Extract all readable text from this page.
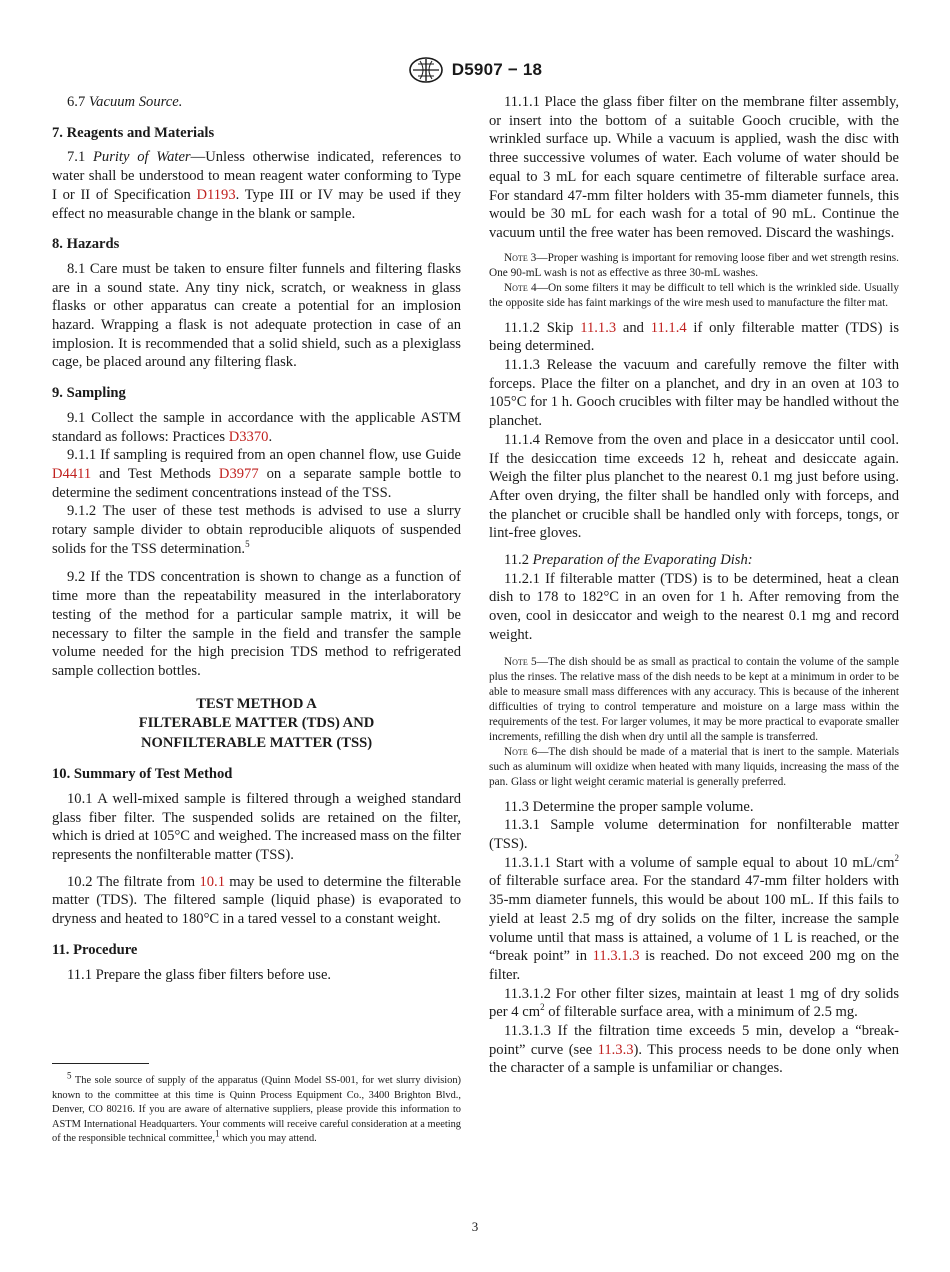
D5907 − 18

6.7 Vacuum Source.

7. Reagents and Materials

7.1 Purity of Water—Unless otherwise indicated, references to water shall be understood to mean reagent water conforming to Type I or II of Specification D1193. Type III or IV may be used if they effect no measurable change in the blank or sample.

8. Hazards

8.1 Care must be taken to ensure filter funnels and filtering flasks are in a sound state. Any tiny nick, scratch, or weakness in glass flasks or other apparatus can create a potential for an implosion hazard. Wrapping a flask is not adequate protection in case of an implosion. It is recommended that a solid shield, such as a plexiglass cage, be placed around any filtering flask.

9. Sampling

9.1 Collect the sample in accordance with the applicable ASTM standard as follows: Practices D3370.

9.1.1 If sampling is required from an open channel flow, use Guide D4411 and Test Methods D3977 on a separate sample bottle to determine the sediment concentrations instead of the TSS.

9.1.2 The user of these test methods is advised to use a slurry rotary sample divider to obtain reproducible aliquots of suspended solids for the TSS determination.$^5$

9.2 If the TDS concentration is shown to change as a function of time more than the repeatability measured in the interlaboratory testing of the method for a particular sample matrix, it will be necessary to filter the sample in the field and transfer the sample volume needed for the high precision TDS method to refrigerated sample collection bottles.

TEST METHOD A
FILTERABLE MATTER (TDS) AND
NONFILTERABLE MATTER (TSS)
10. Summary of Test Method

10.1 A well-mixed sample is filtered through a weighed standard glass fiber filter. The suspended solids are retained on the filter, which is dried at 105°C and weighed. The increased mass on the filter represents the nonfilterable matter (TSS).

10.2 The filtrate from 10.1 may be used to determine the filterable matter (TDS). The filtered sample (liquid phase) is evaporated to dryness and heated to 180°C in a tared vessel to a constant weight.

11. Procedure

11.1 Prepare the glass fiber filters before use.

$^5$ The sole source of supply of the apparatus (Quinn Model SS-001, for wet slurry division) known to the committee at this time is Quinn Process Equipment Co., 3400 Brighton Blvd., Denver, CO 80216. If you are aware of alternative suppliers, please provide this information to ASTM International Headquarters. Your comments will receive careful consideration at a meeting of the responsible technical committee,$^1$ which you may attend.

11.1.1 Place the glass fiber filter on the membrane filter assembly, or insert into the bottom of a suitable Gooch crucible, with the wrinkled surface up. While a vacuum is applied, wash the disc with three successive volumes of water. Each volume of water should be equal to 3 mL for each square centimetre of filterable surface area. For standard 47-mm filter holders with 35-mm diameter funnels, this would be 30 mL for each wash for a total of 90 mL. Continue the vacuum until the free water has been removed. Discard the washings.

Note 3—Proper washing is important for removing loose fiber and wet strength resins. One 90-mL wash is not as effective as three 30-mL washes.

Note 4—On some filters it may be difficult to tell which is the wrinkled side. Usually the opposite side has faint markings of the wire mesh used to manufacture the filter mat.

11.1.2 Skip 11.1.3 and 11.1.4 if only filterable matter (TDS) is being determined.

11.1.3 Release the vacuum and carefully remove the filter with forceps. Place the filter on a planchet, and dry in an oven at 103 to 105°C for 1 h. Gooch crucibles with filter may be handled without the planchet.

11.1.4 Remove from the oven and place in a desiccator until cool. If the desiccation time exceeds 12 h, reheat and desiccate again. Weigh the filter plus planchet to the nearest 0.1 mg just before using. After oven drying, the filter shall be handled only with forceps, and the planchet or crucible shall be handled only with forceps, tongs, or lint-free gloves.

11.2 Preparation of the Evaporating Dish:

11.2.1 If filterable matter (TDS) is to be determined, heat a clean dish to 178 to 182°C in an oven for 1 h. After removing from the oven, cool in desiccator and weigh to the nearest 0.1 mg and record weight.

Note 5—The dish should be as small as practical to contain the volume of the sample plus the rinses. The relative mass of the dish needs to be kept at a minimum in order to be able to measure small mass differences with any accuracy. This is because of the inherent difficulties of trying to control temperature and moisture on a large mass within the requirements of the test. For larger volumes, it may be more practical to evaporate smaller increments, refilling the dish when dry until all the sample is transferred.

Note 6—The dish should be made of a material that is inert to the sample. Materials such as aluminum will oxidize when heated with many liquids, increasing the mass of the pan. Glass or light weight ceramic material is generally preferred.

11.3 Determine the proper sample volume.

11.3.1 Sample volume determination for nonfilterable matter (TSS).

11.3.1.1 Start with a volume of sample equal to about 10 $mL/cm^2$ of filterable surface area. For the standard 47-mm filter holders with 35-mm diameter funnels, this would be about 100 mL. If this fails to yield at least 2.5 mg of dry solids on the filter, increase the sample volume until that mass is attained, a volume of 1 L is reached, or the “break point” in 11.3.1.3 is reached. Do not exceed 200 mg on the filter.

11.3.1.2 For other filter sizes, maintain at least 1 mg of dry solids per 4 $cm^2$ of filterable surface area, with a minimum of 2.5 mg.

11.3.1.3 If the filtration time exceeds 5 min, develop a “break-point” curve (see 11.3.3). This process needs to be done only when the character of a sample is unfamiliar or changes.

3
